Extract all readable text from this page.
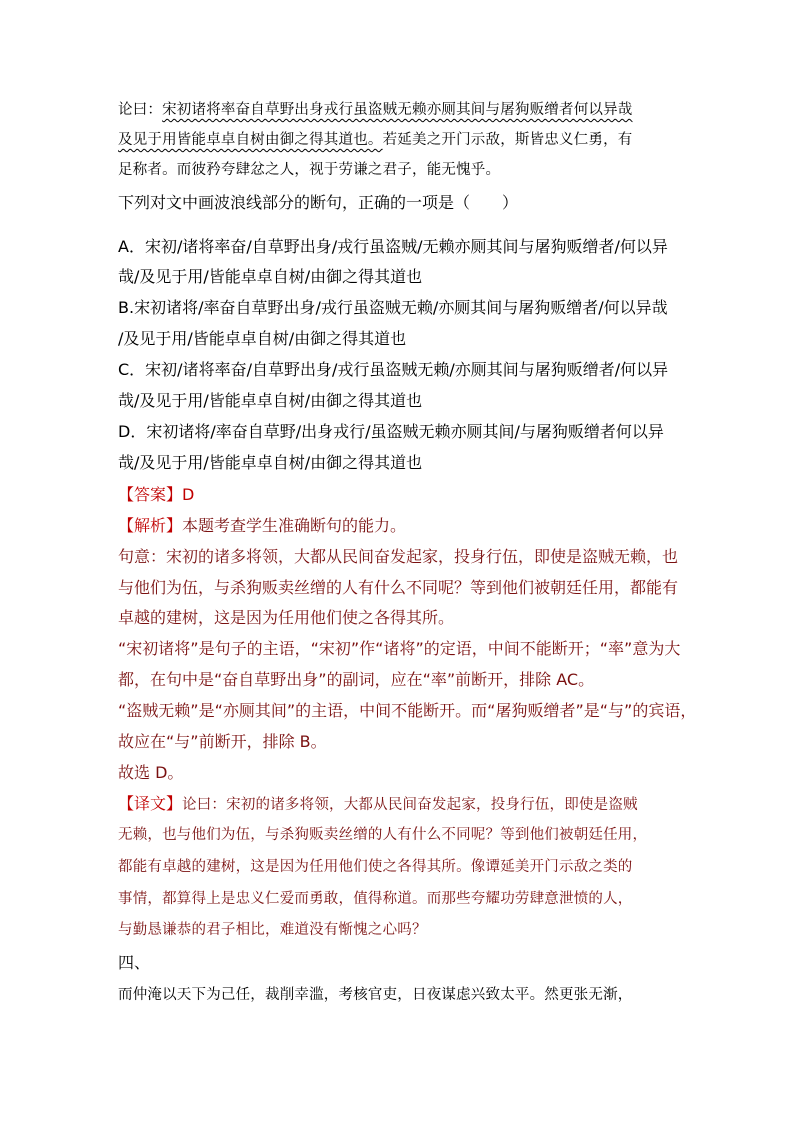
论曰：宋初诸将率奋自草野出身戎行虽盗贼无赖亦厕其间与屠狗贩缯者何以异哉
及见于用皆能卓卓自树由御之得其道也。若延美之开门示敌，斯皆忠义仁勇，有
足称者。而彼矜夸肆忿之人，视于劳谦之君子，能无愧乎。
下列对文中画波浪线部分的断句，正确的一项是（　　）
A．宋初/诸将率奋/自草野出身/戎行虽盗贼/无赖亦厕其间与屠狗贩缯者/何以异
哉/及见于用/皆能卓卓自树/由御之得其道也
B.宋初诸将/率奋自草野出身/戎行虽盗贼无赖/亦厕其间与屠狗贩缯者/何以异哉
/及见于用/皆能卓卓自树/由御之得其道也
C．宋初/诸将率奋/自草野出身/戎行虽盗贼无赖/亦厕其间与屠狗贩缯者/何以异
哉/及见于用/皆能卓卓自树/由御之得其道也
D．宋初诸将/率奋自草野/出身戎行/虽盗贼无赖亦厕其间/与屠狗贩缯者何以异
哉/及见于用/皆能卓卓自树/由御之得其道也
【答案】D
【解析】本题考查学生准确断句的能力。
句意：宋初的诸多将领，大都从民间奋发起家，投身行伍，即使是盗贼无赖，也
与他们为伍，与杀狗贩卖丝缯的人有什么不同呢？等到他们被朝廷任用，都能有
卓越的建树，这是因为任用他们使之各得其所。
“宋初诸将”是句子的主语，“宋初”作“诸将”的定语，中间不能断开；“率”意为大
都，在句中是“奋自草野出身”的副词，应在“率”前断开，排除 AC。
“盗贼无赖”是“亦厕其间”的主语，中间不能断开。而“屠狗贩缯者”是“与”的宾语，
故应在“与”前断开，排除 B。
故选 D。
【译文】论曰：宋初的诸多将领，大都从民间奋发起家，投身行伍，即使是盗贼
无赖，也与他们为伍，与杀狗贩卖丝缯的人有什么不同呢？等到他们被朝廷任用，
都能有卓越的建树，这是因为任用他们使之各得其所。像谭延美开门示敌之类的
事情，都算得上是忠义仁爱而勇敢，值得称道。而那些夸耀功劳肆意泄愤的人，
与勤恳谦恭的君子相比，难道没有惭愧之心吗？
四、
而仲淹以天下为己任，裁削幸滥，考核官吏，日夜谋虑兴致太平。然更张无渐，
